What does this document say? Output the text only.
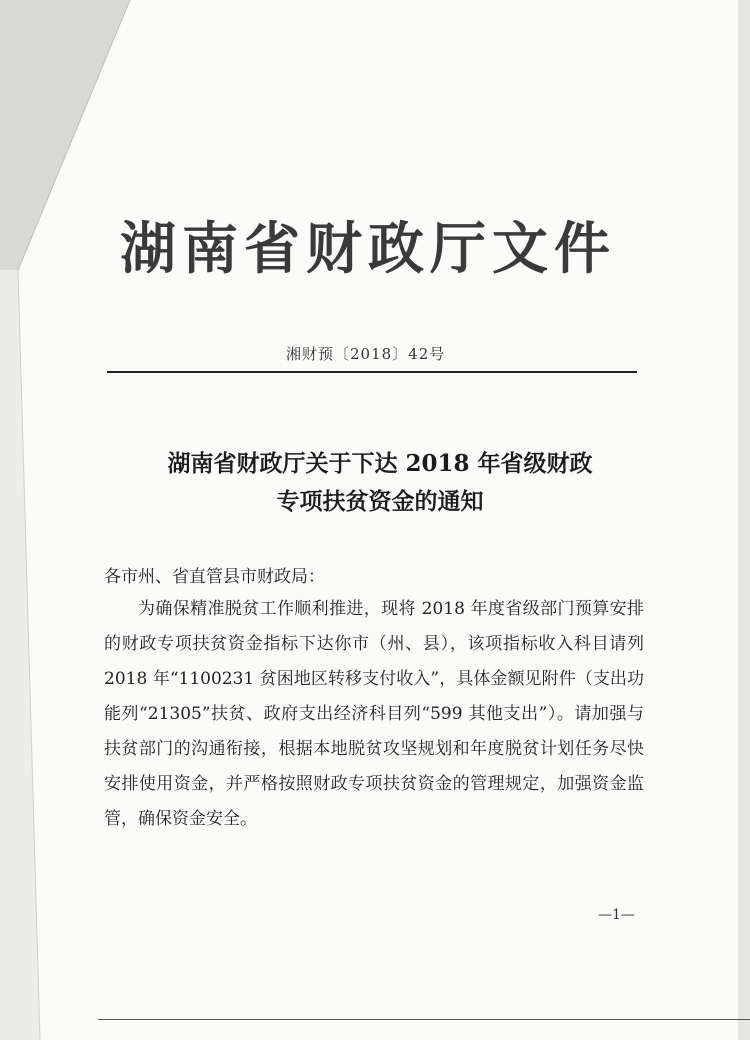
湖南省财政厅文件
湘财预〔2018〕42号
湖南省财政厅关于下达 2018 年省级财政
专项扶贫资金的通知
各市州、省直管县市财政局：
为确保精准脱贫工作顺利推进，现将 2018 年度省级部门预算安排的财政专项扶贫资金指标下达你市（州、县），该项指标收入科目请列 2018 年“1100231 贫困地区转移支付收入”，具体金额见附件（支出功能列“21305”扶贫、政府支出经济科目列“599 其他支出”）。请加强与扶贫部门的沟通衔接，根据本地脱贫攻坚规划和年度脱贫计划任务尽快安排使用资金，并严格按照财政专项扶贫资金的管理规定，加强资金监管，确保资金安全。
—1—
